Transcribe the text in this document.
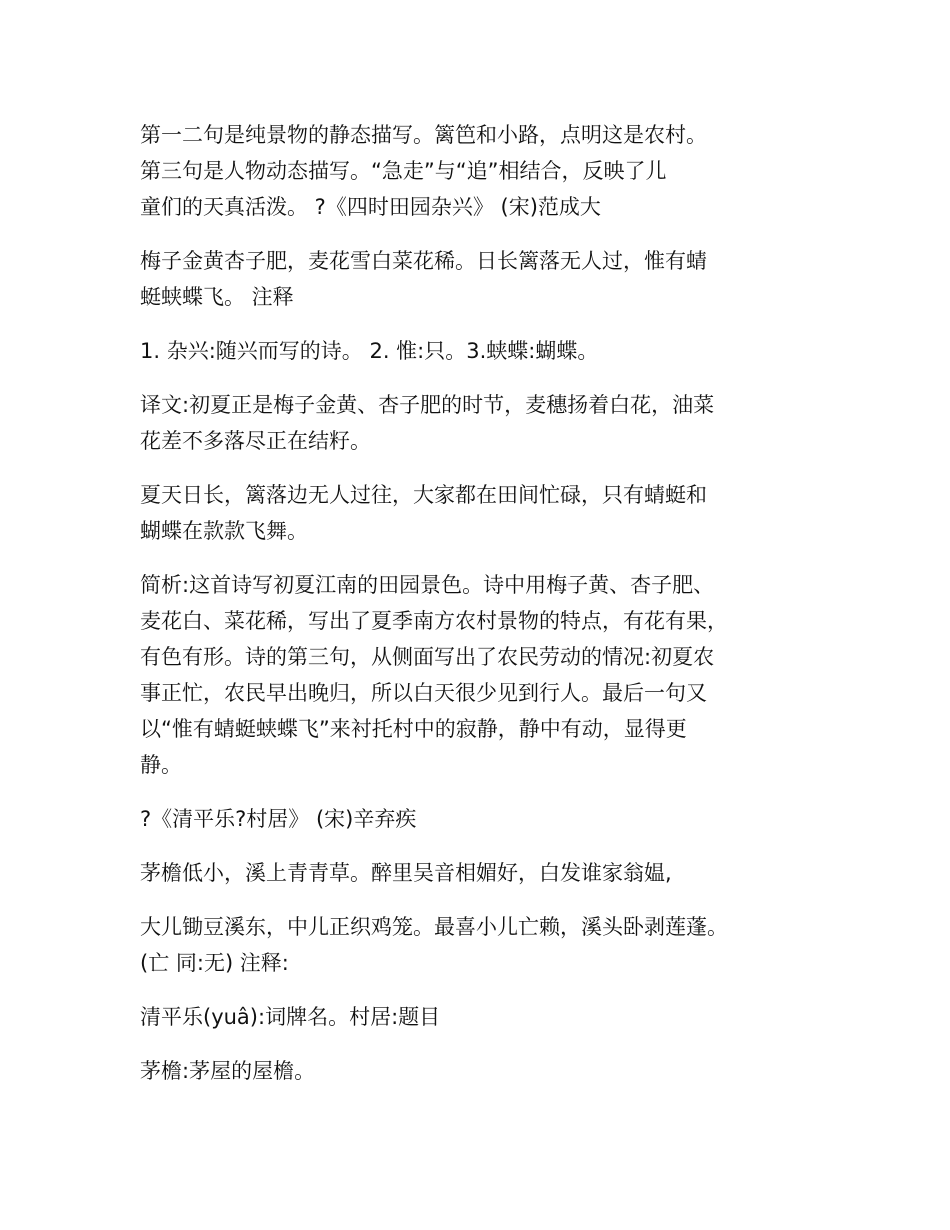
第一二句是纯景物的静态描写。篱笆和小路，点明这是农村。
第三句是人物动态描写。“急走”与“追”相结合，反映了儿
童们的天真活泼。 ?《四时田园杂兴》 (宋)范成大
梅子金黄杏子肥，麦花雪白菜花稀。日长篱落无人过，惟有蜻
蜓蛱蝶飞。 注释
1. 杂兴:随兴而写的诗。 2. 惟:只。3.蛱蝶:蝴蝶。
译文:初夏正是梅子金黄、杏子肥的时节，麦穗扬着白花，油菜
花差不多落尽正在结籽。
夏天日长，篱落边无人过往，大家都在田间忙碌，只有蜻蜓和
蝴蝶在款款飞舞。
简析:这首诗写初夏江南的田园景色。诗中用梅子黄、杏子肥、
麦花白、菜花稀，写出了夏季南方农村景物的特点，有花有果，
有色有形。诗的第三句，从侧面写出了农民劳动的情况:初夏农
事正忙，农民早出晚归，所以白天很少见到行人。最后一句又
以“惟有蜻蜓蛱蝶飞”来衬托村中的寂静，静中有动，显得更
静。
?《清平乐?村居》 (宋)辛弃疾
茅檐低小，溪上青青草。醉里吴音相媚好，白发谁家翁媪,
大儿锄豆溪东，中儿正织鸡笼。最喜小儿亡赖，溪头卧剥莲蓬。
(亡 同:无) 注释:
清平乐(yuâ):词牌名。村居:题目
茅檐:茅屋的屋檐。
